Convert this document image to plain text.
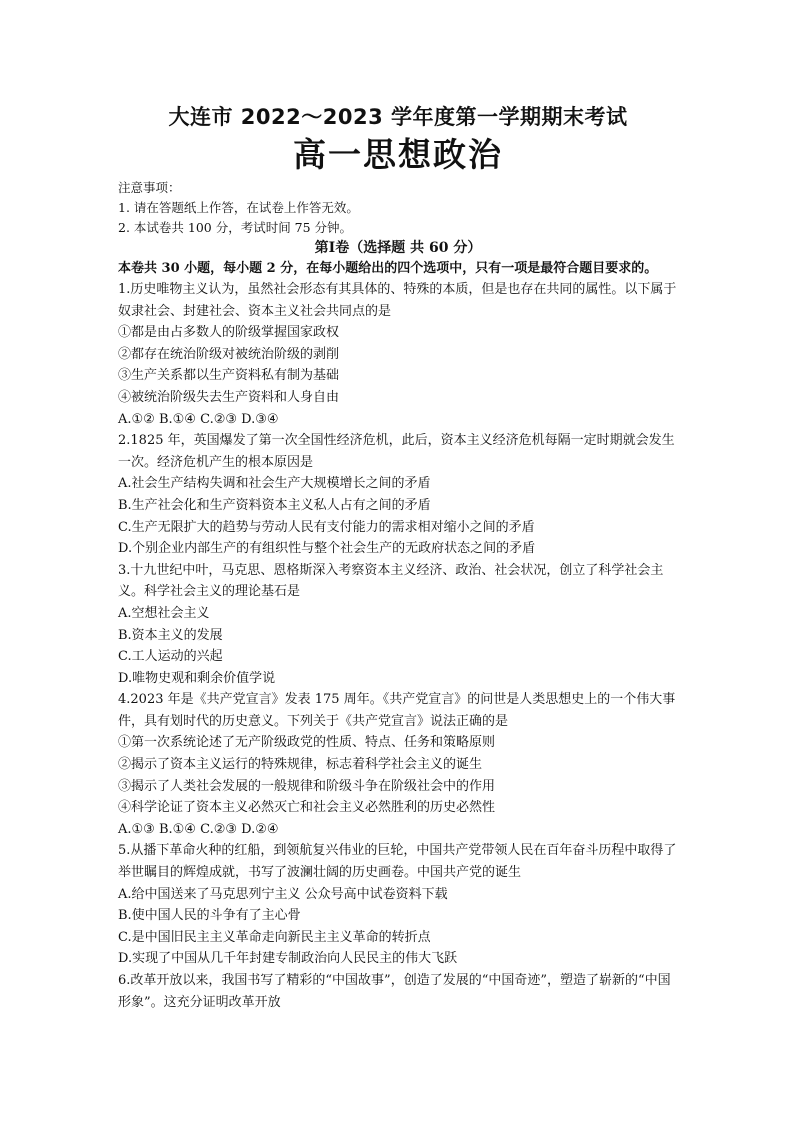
大连市 2022～2023 学年度第一学期期末考试
高一思想政治
注意事项：
1. 请在答题纸上作答，在试卷上作答无效。
2. 本试卷共 100 分，考试时间 75 分钟。
第Ⅰ卷（选择题 共 60 分）
本卷共 30 小题，每小题 2 分，在每小题给出的四个选项中，只有一项是最符合题目要求的。
1.历史唯物主义认为，虽然社会形态有其具体的、特殊的本质，但是也存在共同的属性。以下属于奴隶社会、封建社会、资本主义社会共同点的是
①都是由占多数人的阶级掌握国家政权
②都存在统治阶级对被统治阶级的剥削
③生产关系都以生产资料私有制为基础
④被统治阶级失去生产资料和人身自由
A.①② B.①④ C.②③ D.③④
2.1825 年，英国爆发了第一次全国性经济危机，此后，资本主义经济危机每隔一定时期就会发生一次。经济危机产生的根本原因是
A.社会生产结构失调和社会生产大规模增长之间的矛盾
B.生产社会化和生产资料资本主义私人占有之间的矛盾
C.生产无限扩大的趋势与劳动人民有支付能力的需求相对缩小之间的矛盾
D.个别企业内部生产的有组织性与整个社会生产的无政府状态之间的矛盾
3.十九世纪中叶，马克思、恩格斯深入考察资本主义经济、政治、社会状况，创立了科学社会主义。科学社会主义的理论基石是
A.空想社会主义
B.资本主义的发展
C.工人运动的兴起
D.唯物史观和剩余价值学说
4.2023 年是《共产党宣言》发表 175 周年。《共产党宣言》的问世是人类思想史上的一个伟大事件，具有划时代的历史意义。下列关于《共产党宣言》说法正确的是
①第一次系统论述了无产阶级政党的性质、特点、任务和策略原则
②揭示了资本主义运行的特殊规律，标志着科学社会主义的诞生
③揭示了人类社会发展的一般规律和阶级斗争在阶级社会中的作用
④科学论证了资本主义必然灭亡和社会主义必然胜利的历史必然性
A.①③ B.①④ C.②③ D.②④
5.从播下革命火种的红船，到领航复兴伟业的巨轮，中国共产党带领人民在百年奋斗历程中取得了举世瞩目的辉煌成就，书写了波澜壮阔的历史画卷。中国共产党的诞生
A.给中国送来了马克思列宁主义 公众号高中试卷资料下载
B.使中国人民的斗争有了主心骨
C.是中国旧民主主义革命走向新民主主义革命的转折点
D.实现了中国从几千年封建专制政治向人民民主的伟大飞跃
6.改革开放以来，我国书写了精彩的“中国故事”，创造了发展的“中国奇迹”，塑造了崭新的“中国形象”。这充分证明改革开放
